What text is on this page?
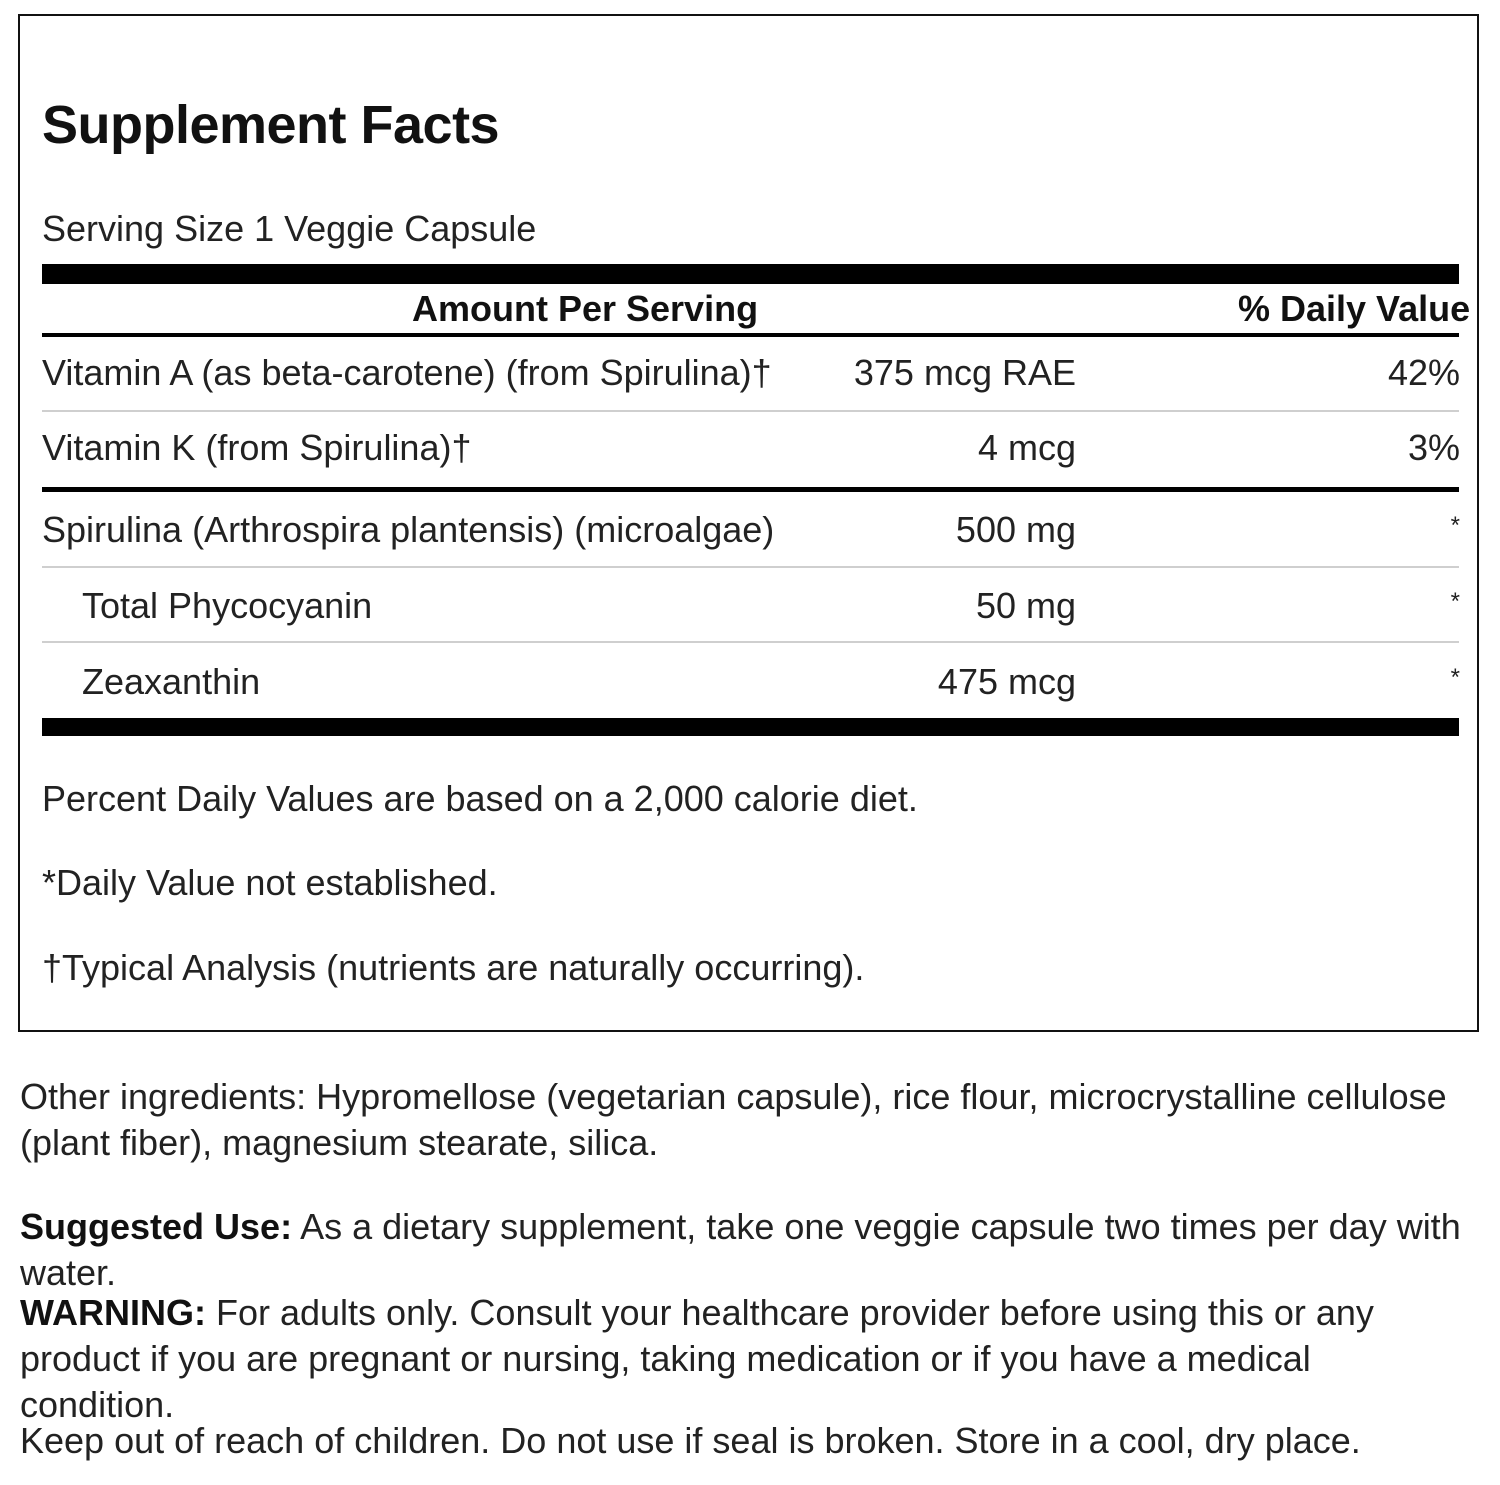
Supplement Facts
Serving Size 1 Veggie Capsule
Amount Per Serving	% Daily Value
Vitamin A (as beta-carotene) (from Spirulina)†	375 mcg RAE	42%
Vitamin K (from Spirulina)†	4 mcg	3%
Spirulina (Arthrospira plantensis) (microalgae)	500 mg	*
Total Phycocyanin	50 mg	*
Zeaxanthin	475 mcg	*
Percent Daily Values are based on a 2,000 calorie diet.
*Daily Value not established.
†Typical Analysis (nutrients are naturally occurring).
Other ingredients: Hypromellose (vegetarian capsule), rice flour, microcrystalline cellulose (plant fiber), magnesium stearate, silica.
Suggested Use: As a dietary supplement, take one veggie capsule two times per day with water.
WARNING: For adults only. Consult your healthcare provider before using this or any product if you are pregnant or nursing, taking medication or if you have a medical condition.
Keep out of reach of children. Do not use if seal is broken. Store in a cool, dry place.
